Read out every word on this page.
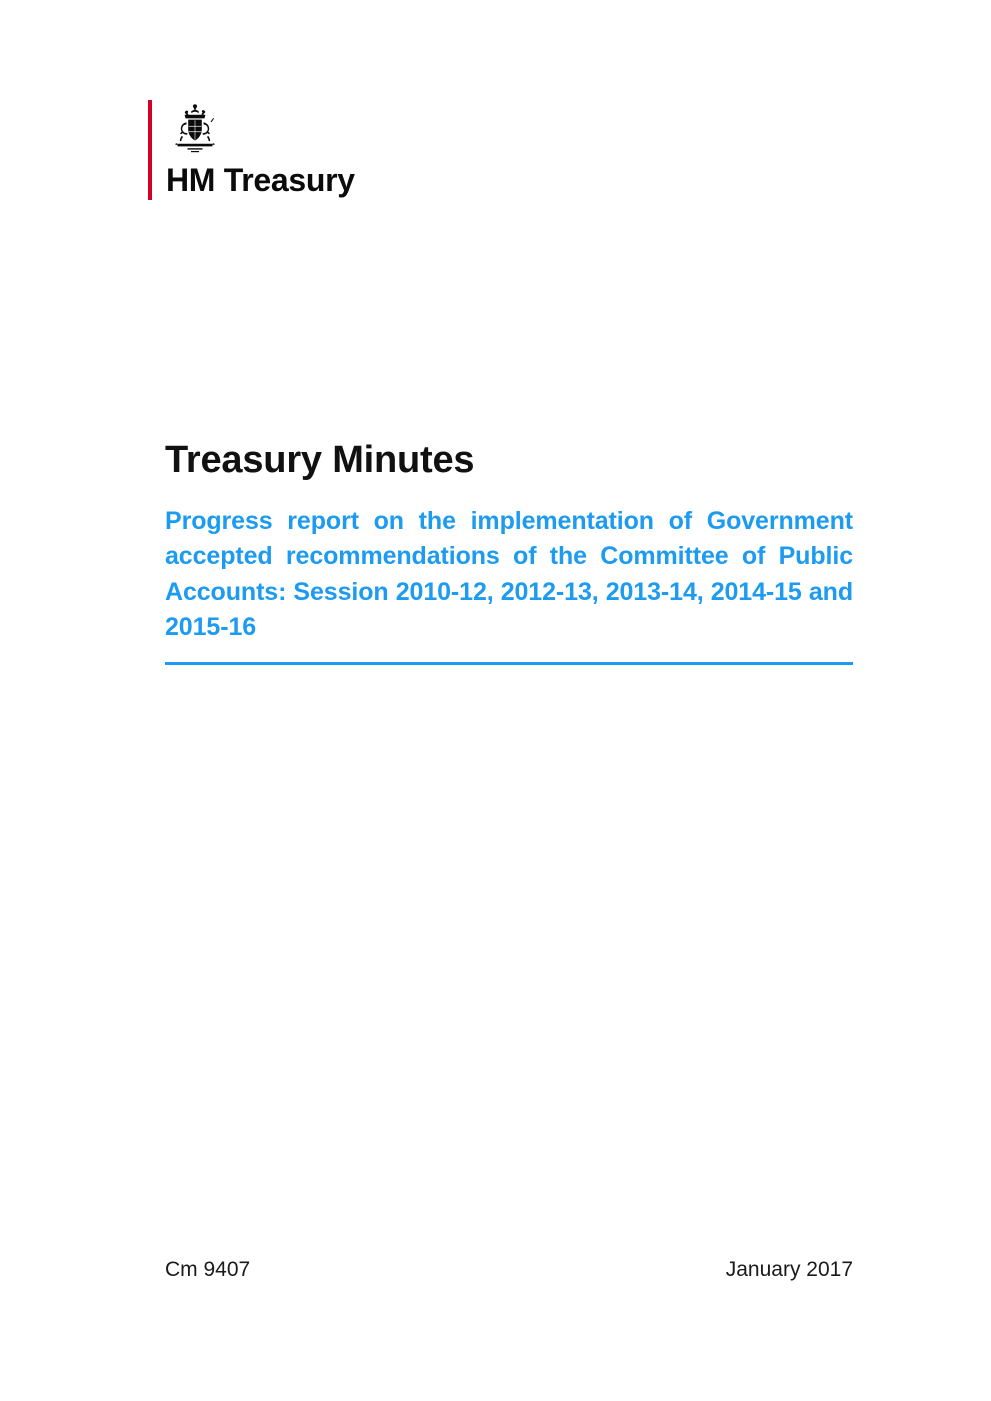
HM Treasury
Treasury Minutes

Progress report on the implementation of Government accepted recommendations of the Committee of Public Accounts: Session 2010-12, 2012-13, 2013-14, 2014-15 and 2015-16

Cm 9407	January 2017
